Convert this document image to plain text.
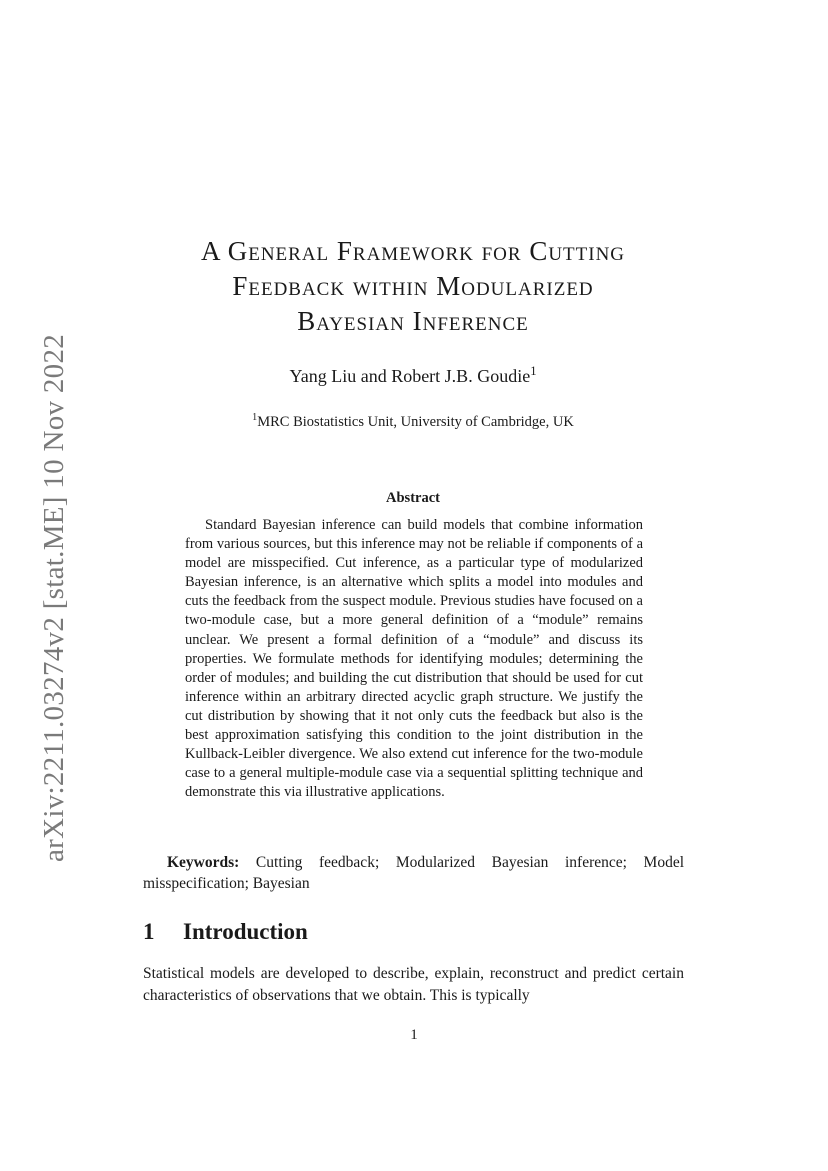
arXiv:2211.03274v2 [stat.ME] 10 Nov 2022
A General Framework for Cutting
Feedback within Modularized
Bayesian Inference
Yang Liu and Robert J.B. Goudie$^1$
$^1$MRC Biostatistics Unit, University of Cambridge, UK
Abstract
Standard Bayesian inference can build models that combine information from various sources, but this inference may not be reliable if components of a model are misspecified. Cut inference, as a particular type of modularized Bayesian inference, is an alternative which splits a model into modules and cuts the feedback from the suspect module. Previous studies have focused on a two-module case, but a more general definition of a “module” remains unclear. We present a formal definition of a “module” and discuss its properties. We formulate methods for identifying modules; determining the order of modules; and building the cut distribution that should be used for cut inference within an arbitrary directed acyclic graph structure. We justify the cut distribution by showing that it not only cuts the feedback but also is the best approximation satisfying this condition to the joint distribution in the Kullback-Leibler divergence. We also extend cut inference for the two-module case to a general multiple-module case via a sequential splitting technique and demonstrate this via illustrative applications.
Keywords: Cutting feedback; Modularized Bayesian inference; Model misspecification; Bayesian
1 Introduction
Statistical models are developed to describe, explain, reconstruct and predict certain characteristics of observations that we obtain. This is typically
1
